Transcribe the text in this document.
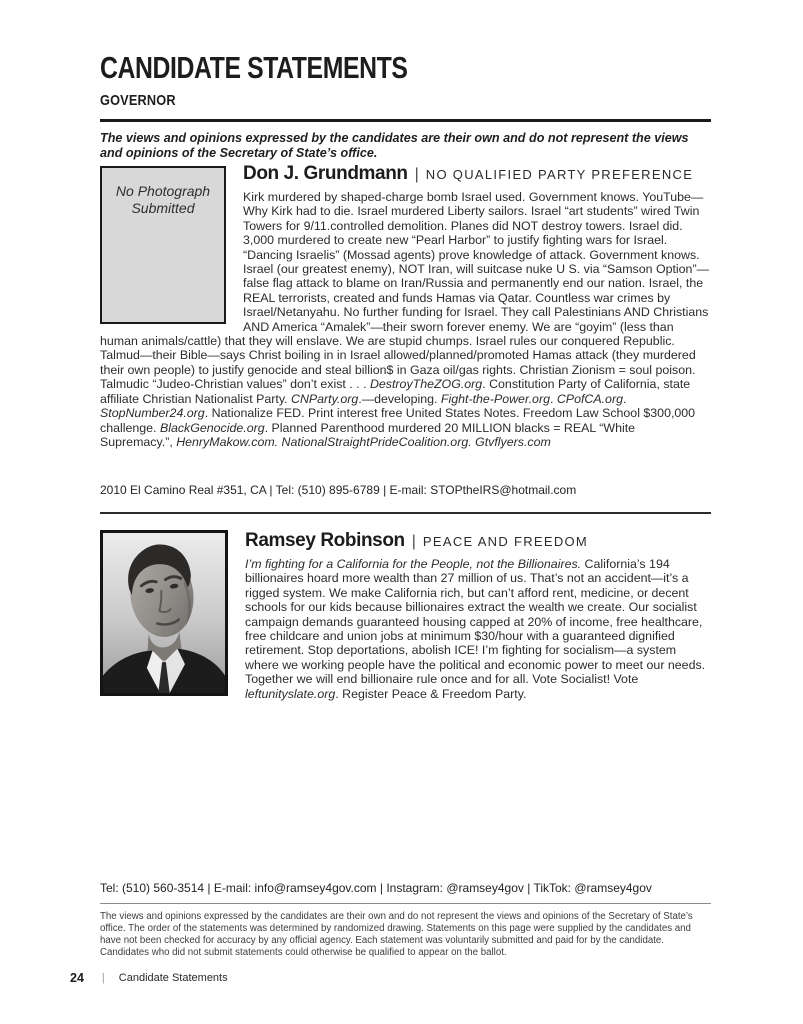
CANDIDATE STATEMENTS
GOVERNOR
The views and opinions expressed by the candidates are their own and do not represent the views and opinions of the Secretary of State’s office.
No Photograph Submitted
Don J. Grundmann | NO QUALIFIED PARTY PREFERENCE
Kirk murdered by shaped-charge bomb Israel used. Government knows. YouTube—Why Kirk had to die. Israel murdered Liberty sailors. Israel “art students” wired Twin Towers for 9/11.controlled demolition. Planes did NOT destroy towers. Israel did. 3,000 murdered to create new “Pearl Harbor” to justify fighting wars for Israel. “Dancing Israelis” (Mossad agents) prove knowledge of attack. Government knows. Israel (our greatest enemy), NOT Iran, will suitcase nuke U S. via “Samson Option”—false flag attack to blame on Iran/Russia and permanently end our nation. Israel, the REAL terrorists, created and funds Hamas via Qatar. Countless war crimes by Israel/Netanyahu. No further funding for Israel. They call Palestinians AND Christians AND America “Amalek”—their sworn forever enemy. We are “goyim” (less than human animals/cattle) that they will enslave. We are stupid chumps. Israel rules our conquered Republic. Talmud—their Bible—says Christ boiling in in Israel allowed/planned/promoted Hamas attack (they murdered their own people) to justify genocide and steal billion$ in Gaza oil/gas rights. Christian Zionism = soul poison. Talmudic “Judeo-Christian values” don’t exist . . . DestroyTheZOG.org. Constitution Party of California, state affiliate Christian Nationalist Party. CNParty.org.—developing. Fight-the-Power.org. CPofCA.org. StopNumber24.org. Nationalize FED. Print interest free United States Notes. Freedom Law School $300,000 challenge. BlackGenocide.org. Planned Parenthood murdered 20 MILLION blacks = REAL “White Supremacy.”, HenryMakow.com. NationalStraightPrideCoalition.org. Gtvflyers.com
2010 El Camino Real #351, CA | Tel: (510) 895-6789 | E-mail: STOPtheIRS@hotmail.com
Ramsey Robinson | PEACE AND FREEDOM
I’m fighting for a California for the People, not the Billionaires. California’s 194 billionaires hoard more wealth than 27 million of us. That’s not an accident—it’s a rigged system. We make California rich, but can’t afford rent, medicine, or decent schools for our kids because billionaires extract the wealth we create. Our socialist campaign demands guaranteed housing capped at 20% of income, free healthcare, free childcare and union jobs at minimum $30/hour with a guaranteed dignified retirement. Stop deportations, abolish ICE! I’m fighting for socialism—a system where we working people have the political and economic power to meet our needs. Together we will end billionaire rule once and for all. Vote Socialist! Vote leftunityslate.org. Register Peace & Freedom Party.
Tel: (510) 560-3514 | E-mail: info@ramsey4gov.com | Instagram: @ramsey4gov | TikTok: @ramsey4gov
The views and opinions expressed by the candidates are their own and do not represent the views and opinions of the Secretary of State’s office. The order of the statements was determined by randomized drawing. Statements on this page were supplied by the candidates and have not been checked for accuracy by any official agency. Each statement was voluntarily submitted and paid for by the candidate. Candidates who did not submit statements could otherwise be qualified to appear on the ballot.
24 | Candidate Statements
